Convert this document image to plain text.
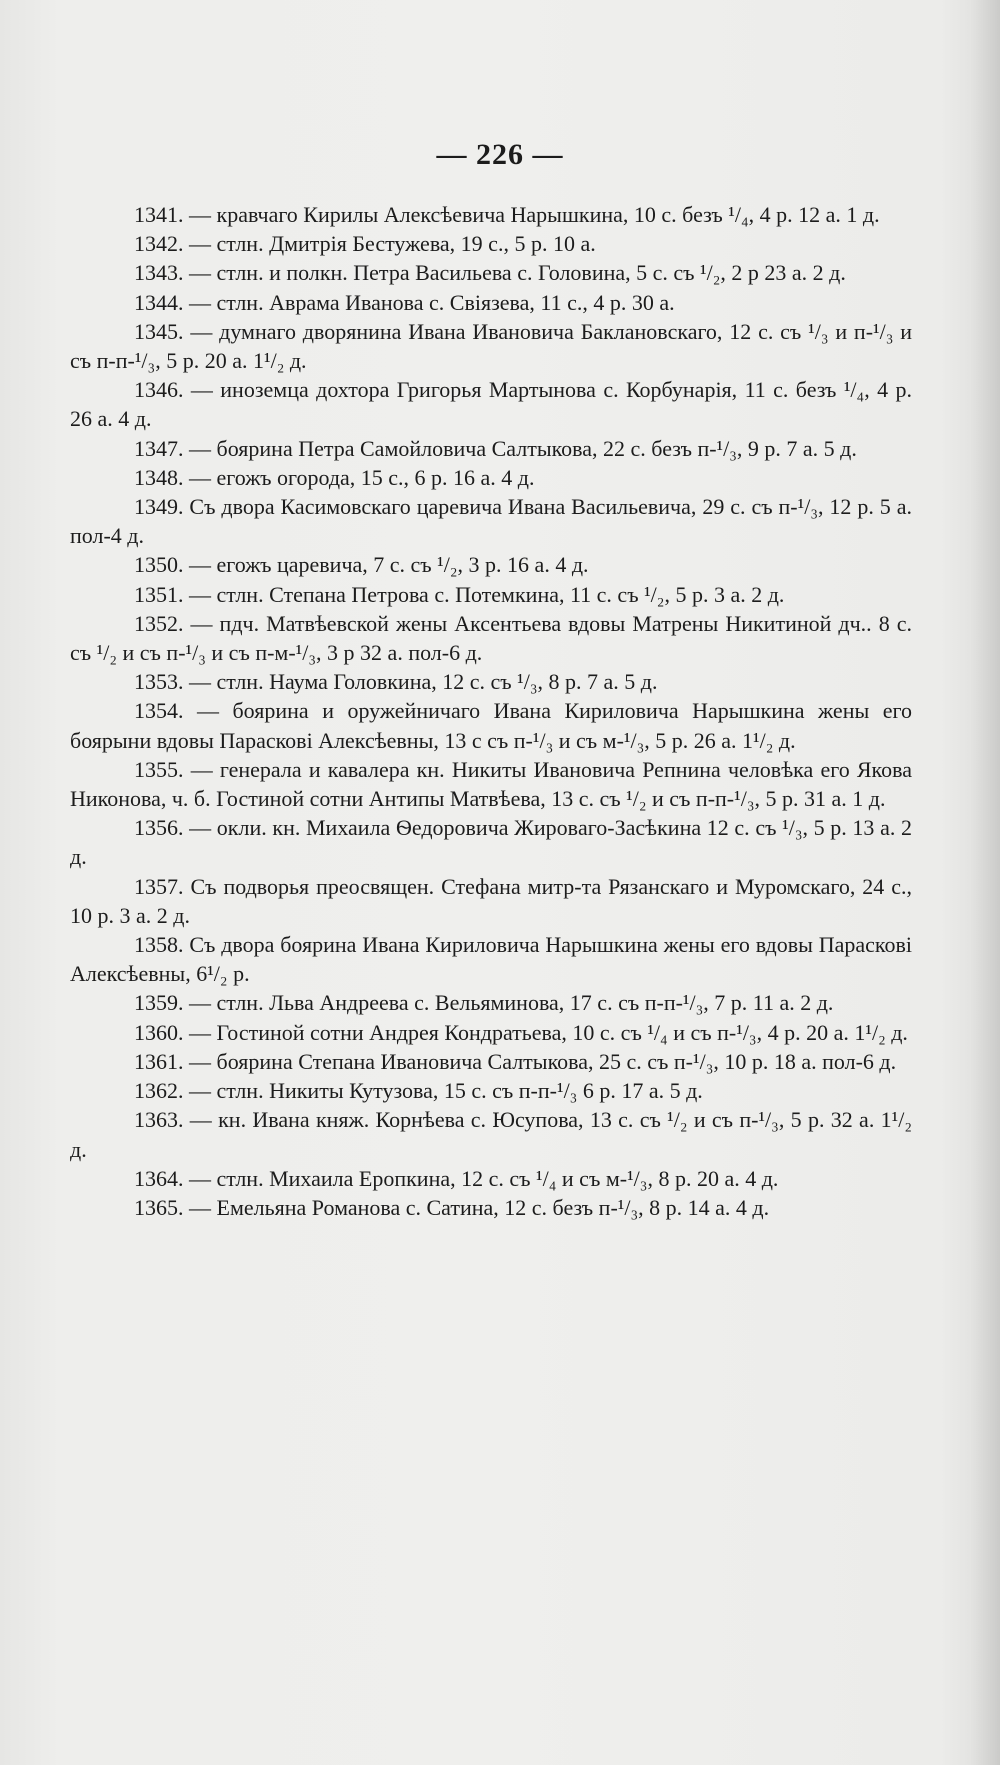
— 226 —

1341. — кравчаго Кирилы Алексѣевича Нарышкина, 10 с. безъ ¹/₄, 4 р. 12 а. 1 д.

1342. — стлн. Дмитрія Бестужева, 19 с., 5 р. 10 а.

1343. — стлн. и полкн. Петра Васильева с. Головина, 5 с. съ ¹/₂, 2 р 23 а. 2 д.

1344. — стлн. Аврама Иванова с. Свіязева, 11 с., 4 р. 30 а.

1345. — думнаго дворянина Ивана Ивановича Баклановскаго, 12 с. съ ¹/₃ и п-¹/₃ и съ п-п-¹/₃, 5 р. 20 а. 1¹/₂ д.

1346. — иноземца дохтора Григорья Мартынова с. Корбунарія, 11 с. безъ ¹/₄, 4 р. 26 а. 4 д.

1347. — боярина Петра Самойловича Салтыкова, 22 с. безъ п-¹/₃, 9 р. 7 а. 5 д.

1348. — егожъ огорода, 15 с., 6 р. 16 а. 4 д.

1349. Съ двора Касимовскаго царевича Ивана Васильевича, 29 с. съ п-¹/₃, 12 р. 5 а. пол-4 д.

1350. — егожъ царевича, 7 с. съ ¹/₂, 3 р. 16 а. 4 д.

1351. — стлн. Степана Петрова с. Потемкина, 11 с. съ ¹/₂, 5 р. 3 а. 2 д.

1352. — пдч. Матвѣевской жены Аксентьева вдовы Матрены Никитиной дч.. 8 с. съ ¹/₂ и съ п-¹/₃ и съ п-м-¹/₃, 3 р 32 а. пол-6 д.

1353. — стлн. Наума Головкина, 12 с. съ ¹/₃, 8 р. 7 а. 5 д.

1354. — боярина и оружейничаго Ивана Кириловича Нарышкина жены его боярыни вдовы Параскові Алексѣевны, 13 с съ п-¹/₃ и съ м-¹/₃, 5 р. 26 а. 1¹/₂ д.

1355. — генерала и кавалера кн. Никиты Ивановича Репнина человѣка его Якова Никонова, ч. б. Гостиной сотни Антипы Матвѣева, 13 с. съ ¹/₂ и съ п-п-¹/₃, 5 р. 31 а. 1 д.

1356. — окли. кн. Михаила Ѳедоровича Жировaго-Засѣкина 12 с. съ ¹/₃, 5 р. 13 а. 2 д.

1357. Съ подворья преосвящен. Стефана митр-та Рязанскаго и Муромскаго, 24 с., 10 р. 3 а. 2 д.

1358. Съ двора боярина Ивана Кириловича Нарышкина жены его вдовы Параскові Алексѣевны, 6¹/₂ р.

1359. — стлн. Льва Андреева с. Вельяминова, 17 с. съ п-п-¹/₃, 7 р. 11 а. 2 д.

1360. — Гостиной сотни Андрея Кондратьева, 10 с. съ ¹/₄ и съ п-¹/₃, 4 р. 20 а. 1¹/₂ д.

1361. — боярина Степана Ивановича Салтыкова, 25 с. съ п-¹/₃, 10 р. 18 а. пол-6 д.

1362. — стлн. Никиты Кутузова, 15 с. съ п-п-¹/₃ 6 р. 17 а. 5 д.

1363. — кн. Ивана княж. Корнѣева с. Юсупова, 13 с. съ ¹/₂ и съ п-¹/₃, 5 р. 32 а. 1¹/₂ д.

1364. — стлн. Михаила Еропкина, 12 с. съ ¹/₄ и съ м-¹/₃, 8 р. 20 а. 4 д.

1365. — Емельяна Романова с. Сатина, 12 с. безъ п-¹/₃, 8 р. 14 а. 4 д.
